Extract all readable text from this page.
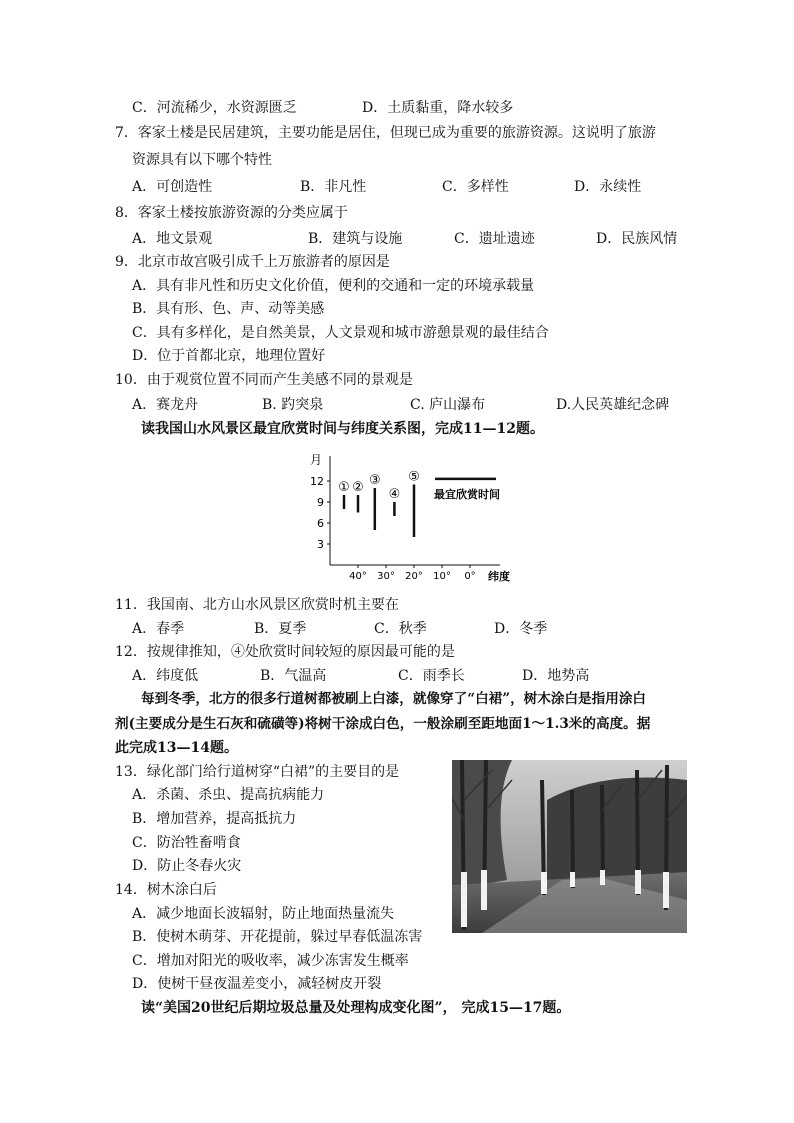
C．河流稀少，水资源匮乏	D．土质黏重，降水较多
7．客家土楼是民居建筑，主要功能是居住，但现已成为重要的旅游资源。这说明了旅游
资源具有以下哪个特性
A．可创造性	B．非凡性	C．多样性	D．永续性
8．客家土楼按旅游资源的分类应属于
A．地文景观	B．建筑与设施	C．遗址遗迹	D．民族风情
9．北京市故宫吸引成千上万旅游者的原因是
A．具有非凡性和历史文化价值，便利的交通和一定的环境承载量
B．具有形、色、声、动等美感
C．具有多样化，是自然美景，人文景观和城市游憩景观的最佳结合
D．位于首都北京，地理位置好
10．由于观赏位置不同而产生美感不同的景观是
A．赛龙舟	B. 趵突泉	C. 庐山瀑布	D.人民英雄纪念碑
读我国山水风景区最宜欣赏时间与纬度关系图，完成11—12题。
月
纬度
3
6
9
12
40° 30° 20° 10° 0°
① ② ③
④
⑤
最宜欣赏时间
11．我国南、北方山水风景区欣赏时机主要在
A．春季	B．夏季	C．秋季	D．冬季
12．按规律推知，④处欣赏时间较短的原因最可能的是
A．纬度低	B．气温高	C．雨季长	D．地势高
每到冬季，北方的很多行道树都被刷上白漆，就像穿了“白裙”，树木涂白是指用涂白
剂(主要成分是生石灰和硫磺等)将树干涂成白色，一般涂刷至距地面1～1.3米的高度。据
此完成13—14题。
13．绿化部门给行道树穿“白裙”的主要目的是
A．杀菌、杀虫、提高抗病能力
B．增加营养，提高抵抗力
C．防治牲畜啃食
D．防止冬春火灾
14．树木涂白后
A．减少地面长波辐射，防止地面热量流失
B．使树木萌芽、开花提前，躲过早春低温冻害
C．增加对阳光的吸收率，减少冻害发生概率
D．使树干昼夜温差变小，减轻树皮开裂
读“美国20世纪后期垃圾总量及处理构成变化图”， 完成15—17题。
